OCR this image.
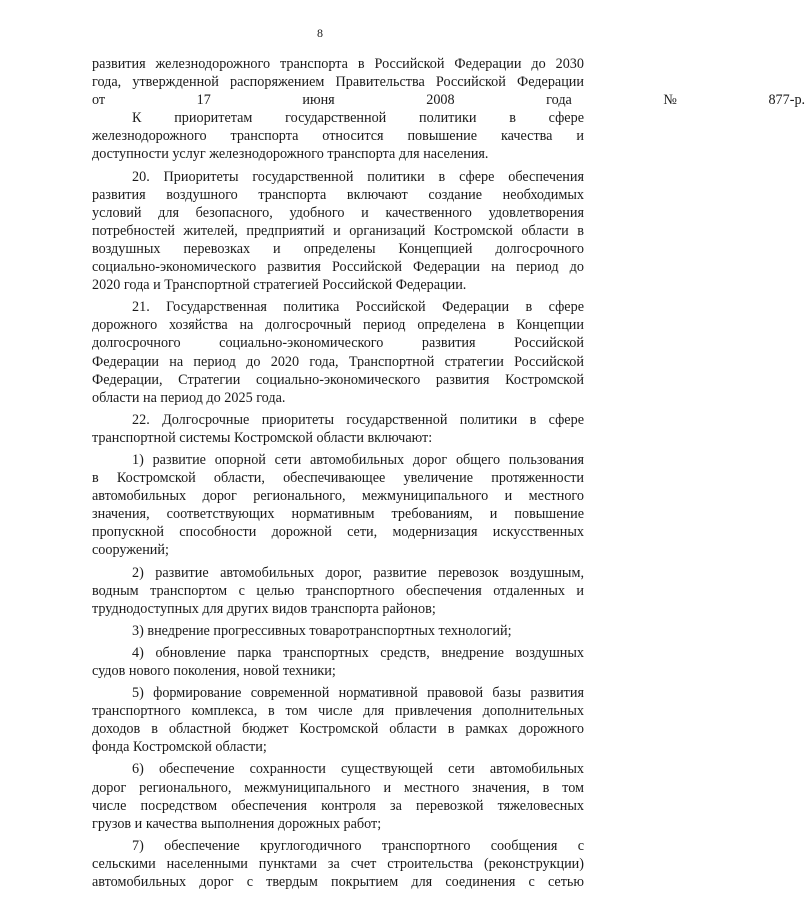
8
развития железнодорожного транспорта в Российской Федерации до 2030
года, утвержденной распоряжением Правительства Российской Федерации
от 17 июня 2008 года № 877-р.
К приоритетам государственной политики в сфере
железнодорожного транспорта относится повышение качества и
доступности услуг железнодорожного транспорта для населения.
20. Приоритеты государственной политики в сфере обеспечения
развития воздушного транспорта включают создание необходимых
условий для безопасного, удобного и качественного удовлетворения
потребностей жителей, предприятий и организаций Костромской области в
воздушных перевозках и определены Концепцией долгосрочного
социально-экономического развития Российской Федерации на период до
2020 года и Транспортной стратегией Российской Федерации.
21. Государственная политика Российской Федерации в сфере
дорожного хозяйства на долгосрочный период определена в Концепции
долгосрочного социально-экономического развития Российской
Федерации на период до 2020 года, Транспортной стратегии Российской
Федерации, Стратегии социально-экономического развития Костромской
области на период до 2025 года.
22. Долгосрочные приоритеты государственной политики в сфере
транспортной системы Костромской области включают:
1) развитие опорной сети автомобильных дорог общего пользования
в Костромской области, обеспечивающее увеличение протяженности
автомобильных дорог регионального, межмуниципального и местного
значения, соответствующих нормативным требованиям, и повышение
пропускной способности дорожной сети, модернизация искусственных
сооружений;
2) развитие автомобильных дорог, развитие перевозок воздушным,
водным транспортом с целью транспортного обеспечения отдаленных и
труднодоступных для других видов транспорта районов;
3) внедрение прогрессивных товаротранспортных технологий;
4) обновление парка транспортных средств, внедрение воздушных
судов нового поколения, новой техники;
5) формирование современной нормативной правовой базы развития
транспортного комплекса, в том числе для привлечения дополнительных
доходов в областной бюджет Костромской области в рамках дорожного
фонда Костромской области;
6) обеспечение сохранности существующей сети автомобильных
дорог регионального, межмуниципального и местного значения, в том
числе посредством обеспечения контроля за перевозкой тяжеловесных
грузов и качества выполнения дорожных работ;
7) обеспечение круглогодичного транспортного сообщения с
сельскими населенными пунктами за счет строительства (реконструкции)
автомобильных дорог с твердым покрытием для соединения с сетью
